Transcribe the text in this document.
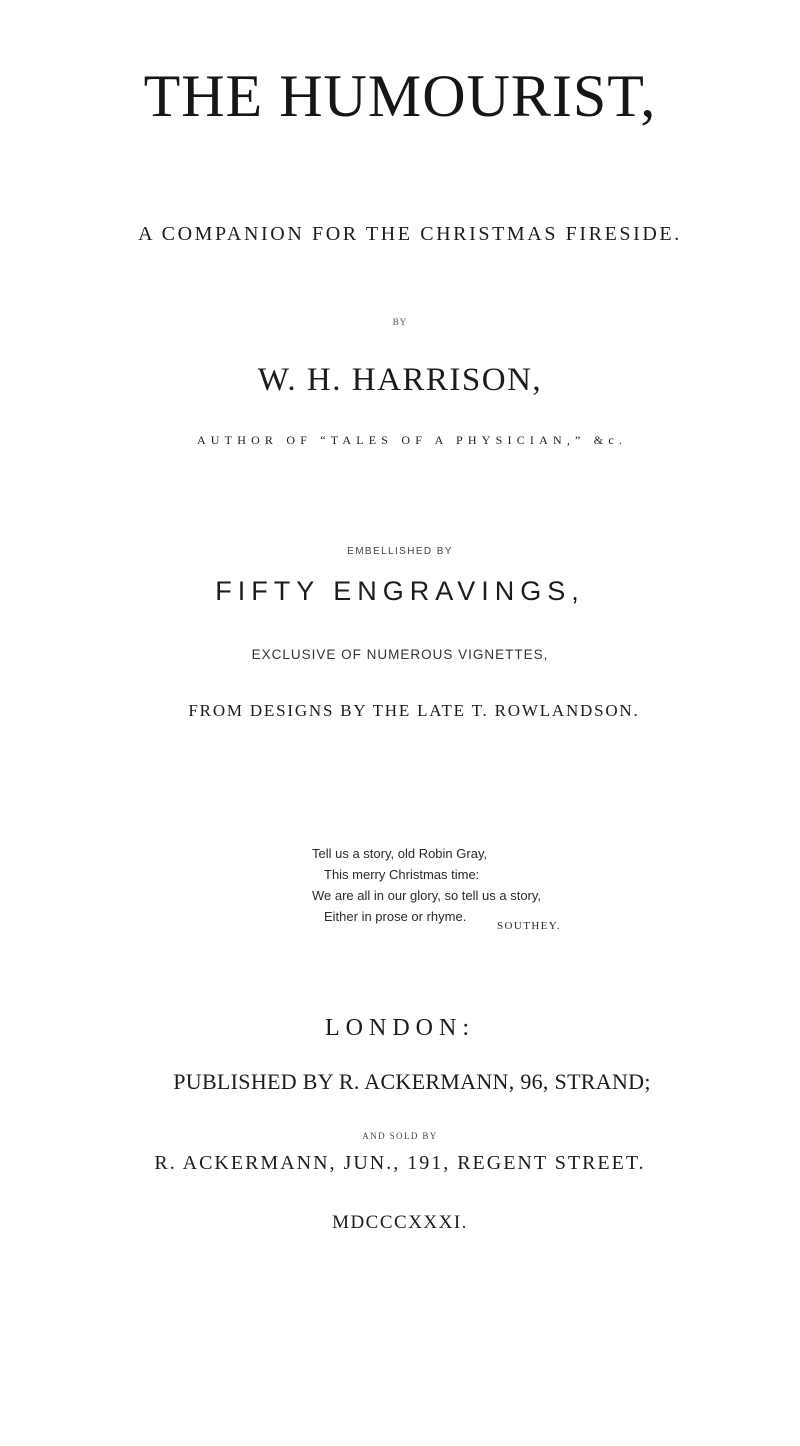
THE HUMOURIST,
A COMPANION FOR THE CHRISTMAS FIRESIDE.
BY
W. H. HARRISON,
AUTHOR OF “TALES OF A PHYSICIAN,” &c.
EMBELLISHED BY
FIFTY ENGRAVINGS,
EXCLUSIVE OF NUMEROUS VIGNETTES,
FROM DESIGNS BY THE LATE T. ROWLANDSON.
Tell us a story, old Robin Gray,
This merry Christmas time:
We are all in our glory, so tell us a story,
Either in prose or rhyme.
SOUTHEY.
LONDON:
PUBLISHED BY R. ACKERMANN, 96, STRAND;
AND SOLD BY
R. ACKERMANN, JUN., 191, REGENT STREET.
MDCCCXXXI.
